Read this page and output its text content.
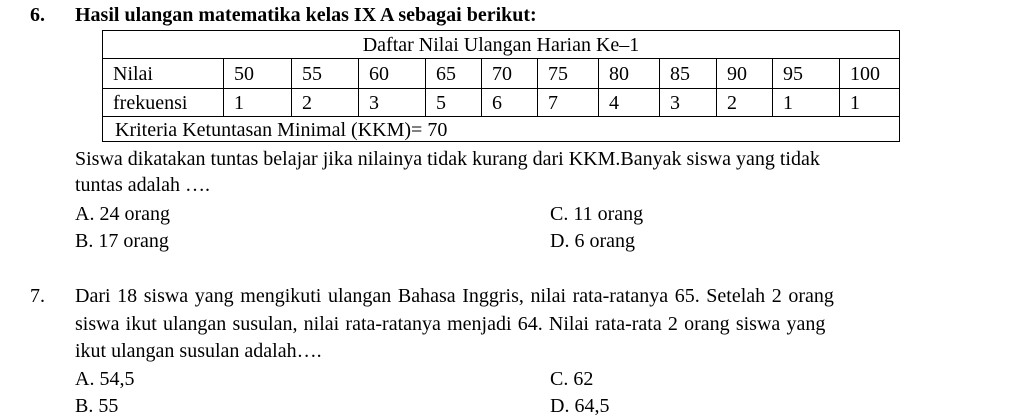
6. Hasil ulangan matematika kelas IX A sebagai berikut:
Daftar Nilai Ulangan Harian Ke–1
Nilai	50	55	60	65	70	75	80	85	90	95	100
frekuensi	1	2	3	5	6	7	4	3	2	1	1
Kriteria Ketuntasan Minimal (KKM)= 70
Siswa dikatakan tuntas belajar jika nilainya tidak kurang dari KKM.Banyak siswa yang tidak
tuntas adalah ….
A. 24 orang	C. 11 orang
B. 17 orang	D. 6 orang
7. Dari 18 siswa yang mengikuti ulangan Bahasa Inggris, nilai rata-ratanya 65. Setelah 2 orang
siswa ikut ulangan susulan, nilai rata-ratanya menjadi 64. Nilai rata-rata 2 orang siswa yang
ikut ulangan susulan adalah….
A. 54,5	C. 62
B. 55	D. 64,5
